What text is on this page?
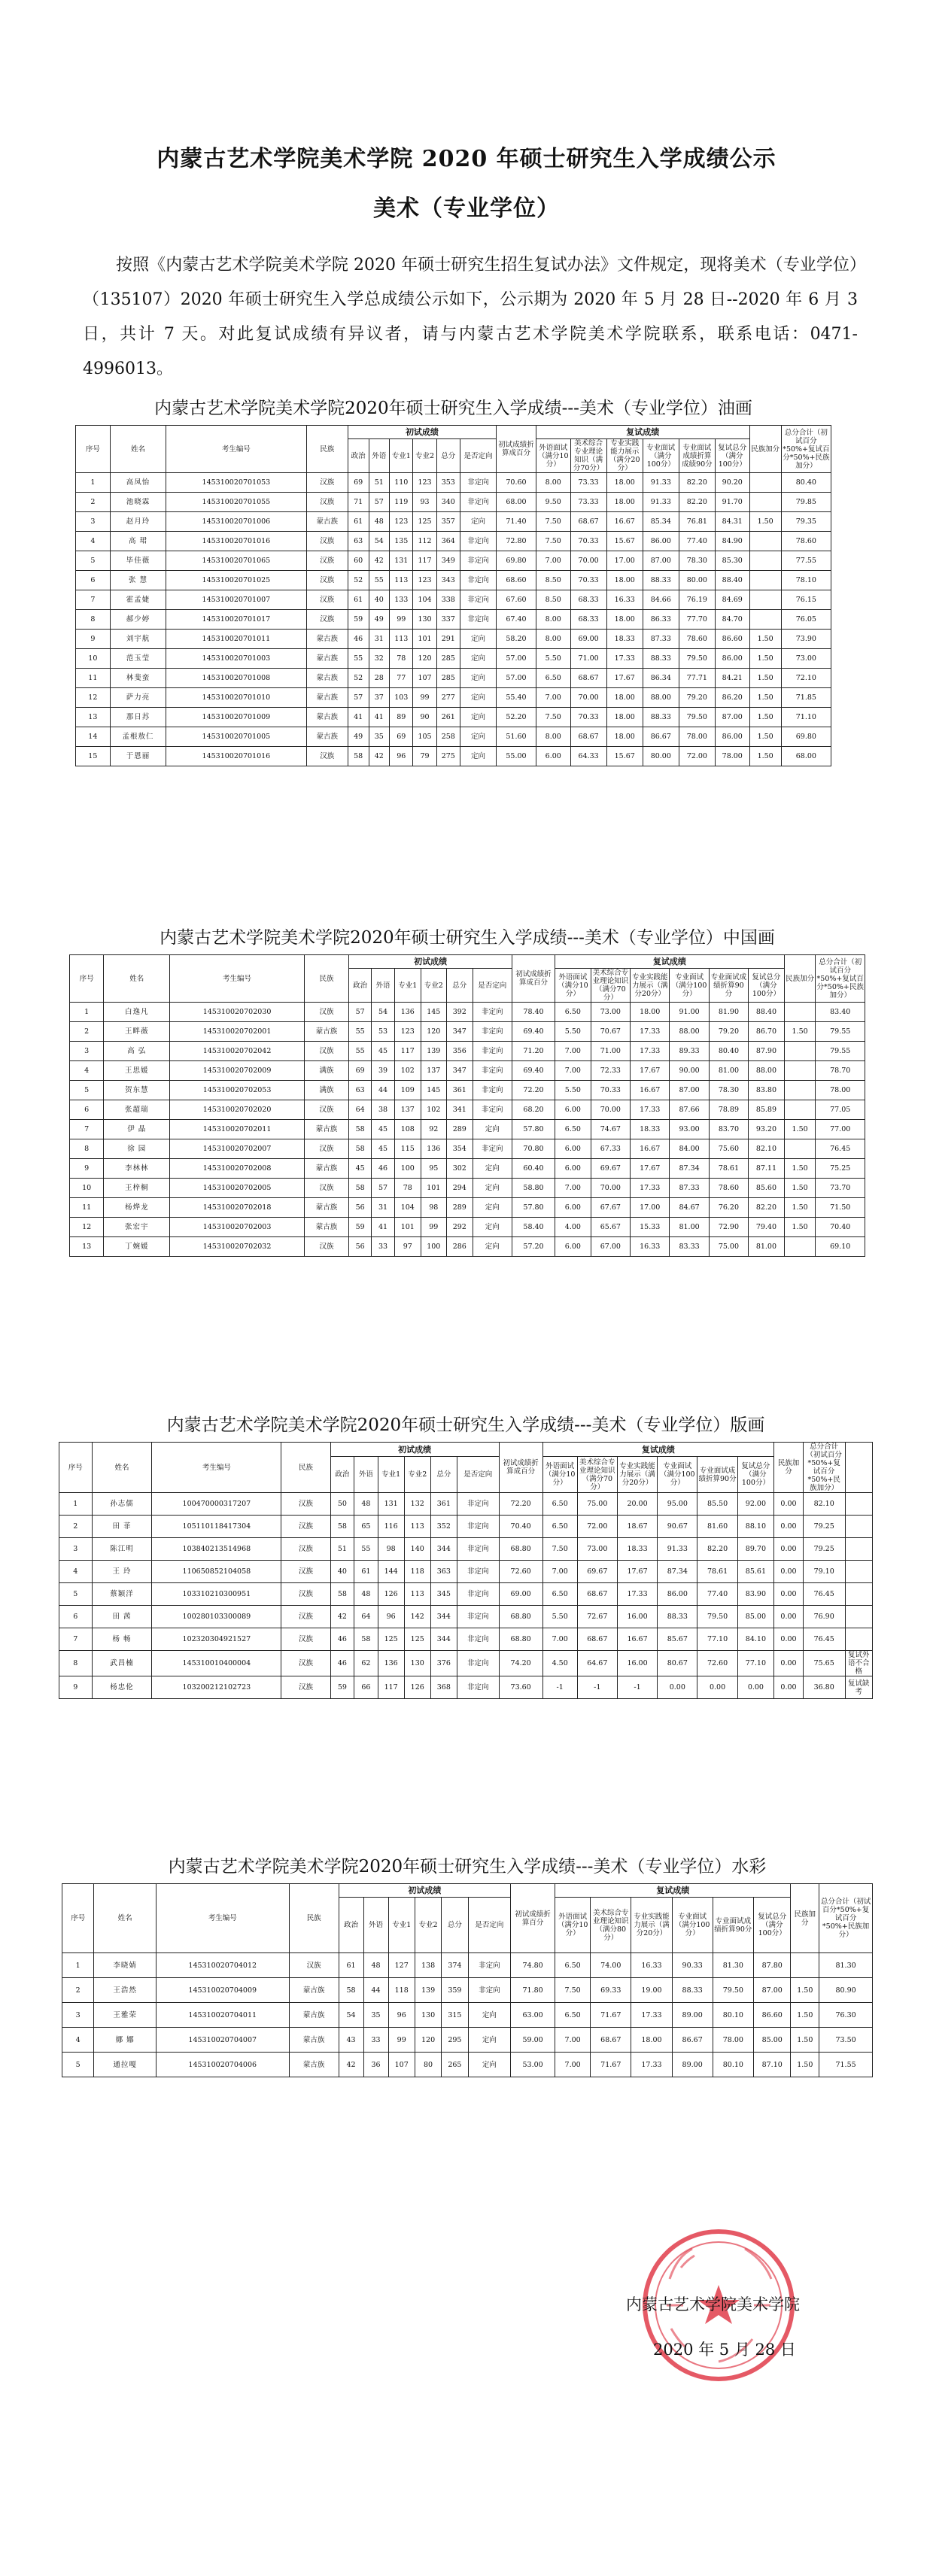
内蒙古艺术学院美术学院 2020 年硕士研究生入学成绩公示
美术（专业学位）
按照《内蒙古艺术学院美术学院 2020 年硕士研究生招生复试办法》文件规定，现将美术（专业学位）（135107）2020 年硕士研究生入学总成绩公示如下，公示期为 2020 年 5 月 28 日--2020 年 6 月 3 日，共计 7 天。对此复试成绩有异议者，请与内蒙古艺术学院美术学院联系，联系电话：0471-4996013。
内蒙古艺术学院美术学院2020年硕士研究生入学成绩---美术（专业学位）油画
序号	姓名	考生编号	民族	初试成绩						初试成绩折算成百分	复试成绩						民族加分	总分合计（初试百分*50%+复试百分*50%+民族加分）
				政治	外语	专业1	专业2	总分	是否定向		外语面试（满分10分）	美术综合专业理论知识（满分70分）	专业实践能力展示（满分20分）	专业面试（满分100分）	专业面试成绩折算成绩90分	复试总分（满分100分）		
1	高凤怡	145310020701053	汉族	69	51	110	123	353	非定向	70.60	8.00	73.33	18.00	91.33	82.20	90.20		80.40
2	池晓霖	145310020701055	汉族	71	57	119	93	340	非定向	68.00	9.50	73.33	18.00	91.33	82.20	91.70		79.85
3	赵月玲	145310020701006	蒙古族	61	48	123	125	357	定向	71.40	7.50	68.67	16.67	85.34	76.81	84.31	1.50	79.35
4	高 珺	145310020701016	汉族	63	54	135	112	364	非定向	72.80	7.50	70.33	15.67	86.00	77.40	84.90		78.60
5	毕佳薇	145310020701065	汉族	60	42	131	117	349	非定向	69.80	7.00	70.00	17.00	87.00	78.30	85.30		77.55
6	张 慧	145310020701025	汉族	52	55	113	123	343	非定向	68.60	8.50	70.33	18.00	88.33	80.00	88.40		78.10
7	霍孟婕	145310020701007	汉族	61	40	133	104	338	非定向	67.60	8.50	68.33	16.33	84.66	76.19	84.69		76.15
8	郝少婷	145310020701017	汉族	59	49	99	130	337	非定向	67.40	8.00	68.33	18.00	86.33	77.70	84.70		76.05
9	刘宇航	145310020701011	蒙古族	46	31	113	101	291	定向	58.20	8.00	69.00	18.33	87.33	78.60	86.60	1.50	73.90
10	范玉莹	145310020701003	蒙古族	55	32	78	120	285	定向	57.00	5.50	71.00	17.33	88.33	79.50	86.00	1.50	73.00
11	林斐蛮	145310020701008	蒙古族	52	28	77	107	285	定向	57.00	6.50	68.67	17.67	86.34	77.71	84.21	1.50	72.10
12	萨力亮	145310020701010	蒙古族	57	37	103	99	277	定向	55.40	7.00	70.00	18.00	88.00	79.20	86.20	1.50	71.85
13	那日苏	145310020701009	蒙古族	41	41	89	90	261	定向	52.20	7.50	70.33	18.00	88.33	79.50	87.00	1.50	71.10
14	孟根敖仁	145310020701005	蒙古族	49	35	69	105	258	定向	51.60	8.00	68.67	18.00	86.67	78.00	86.00	1.50	69.80
15	于恩丽	145310020701016	汉族	58	42	96	79	275	定向	55.00	6.00	64.33	15.67	80.00	72.00	78.00	1.50	68.00
内蒙古艺术学院美术学院2020年硕士研究生入学成绩---美术（专业学位）中国画
序号	姓名	考生编号	民族	初试成绩						初试成绩折算成百分	复试成绩						民族加分	总分合计（初试百分*50%+复试百分*50%+民族加分）
				政治	外语	专业1	专业2	总分	是否定向		外语面试（满分10分）	美术综合专业理论知识（满分70分）	专业实践能力展示（满分20分）	专业面试（满分100分）	专业面试成绩折算90分	复试总分（满分100分）		
1	白逸凡	145310020702030	汉族	57	54	136	145	392	非定向	78.40	6.50	73.00	18.00	91.00	81.90	88.40		83.40
2	王畔薇	145310020702001	蒙古族	55	53	123	120	347	非定向	69.40	5.50	70.67	17.33	88.00	79.20	86.70	1.50	79.55
3	高 弘	145310020702042	汉族	55	45	117	139	356	非定向	71.20	7.00	71.00	17.33	89.33	80.40	87.90		79.55
4	王思媛	145310020702009	满族	69	39	102	137	347	非定向	69.40	7.00	72.33	17.67	90.00	81.00	88.00		78.70
5	贺东慧	145310020702053	满族	63	44	109	145	361	非定向	72.20	5.50	70.33	16.67	87.00	78.30	83.80		78.00
6	张超瑞	145310020702020	汉族	64	38	137	102	341	非定向	68.20	6.00	70.00	17.33	87.66	78.89	85.89		77.05
7	伊 晶	145310020702011	蒙古族	58	45	108	92	289	定向	57.80	6.50	74.67	18.33	93.00	83.70	93.20	1.50	77.00
8	徐 园	145310020702007	汉族	58	45	115	136	354	非定向	70.80	6.00	67.33	16.67	84.00	75.60	82.10		76.45
9	李林林	145310020702008	蒙古族	45	46	100	95	302	定向	60.40	6.00	69.67	17.67	87.34	78.61	87.11	1.50	75.25
10	王梓桐	145310020702005	汉族	58	57	78	101	294	定向	58.80	7.00	70.00	17.33	87.33	78.60	85.60	1.50	73.70
11	杨烨龙	145310020702018	蒙古族	56	31	104	98	289	定向	57.80	6.00	67.67	17.00	84.67	76.20	82.20	1.50	71.50
12	张宏宇	145310020702003	蒙古族	59	41	101	99	292	定向	58.40	4.00	65.67	15.33	81.00	72.90	79.40	1.50	70.40
13	丁婉媛	145310020702032	汉族	56	33	97	100	286	定向	57.20	6.00	67.00	16.33	83.33	75.00	81.00		69.10
内蒙古艺术学院美术学院2020年硕士研究生入学成绩---美术（专业学位）版画
序号	姓名	考生编号	民族	初试成绩						初试成绩折算成百分	复试成绩						民族加分	总分合计（初试百分*50%+复试百分*50%+民族加分）	
				政治	外语	专业1	专业2	总分	是否定向		外语面试（满分10分）	美术综合专业理论知识（满分70分）	专业实践能力展示（满分20分）	专业面试（满分100分）	专业面试成绩折算90分	复试总分（满分100分）			
1	孙志儒	100470000317207	汉族	50	48	131	132	361	非定向	72.20	6.50	75.00	20.00	95.00	85.50	92.00	0.00	82.10	
2	田 菲	105110118417304	汉族	58	65	116	113	352	非定向	70.40	6.50	72.00	18.67	90.67	81.60	88.10	0.00	79.25	
3	陈江明	103840213514968	汉族	51	55	98	140	344	非定向	68.80	7.50	73.00	18.33	91.33	82.20	89.70	0.00	79.25	
4	王 玲	110650852104058	汉族	40	61	144	118	363	非定向	72.60	7.00	69.67	17.67	87.34	78.61	85.61	0.00	79.10	
5	蔡颖洋	103310210300951	汉族	58	48	126	113	345	非定向	69.00	6.50	68.67	17.33	86.00	77.40	83.90	0.00	76.45	
6	田 茜	100280103300089	汉族	42	64	96	142	344	非定向	68.80	5.50	72.67	16.00	88.33	79.50	85.00	0.00	76.90	
7	杨 畅	102320304921527	汉族	46	58	125	125	344	非定向	68.80	7.00	68.67	16.67	85.67	77.10	84.10	0.00	76.45	
8	武昌楠	145310010400004	汉族	46	62	136	130	376	非定向	74.20	4.50	64.67	16.00	80.67	72.60	77.10	0.00	75.65	复试外语不合格
9	杨忠伦	103200212102723	汉族	59	66	117	126	368	非定向	73.60	-1	-1	-1	0.00	0.00	0.00	0.00	36.80	复试缺考
内蒙古艺术学院美术学院2020年硕士研究生入学成绩---美术（专业学位）水彩
序号	姓名	考生编号	民族	初试成绩						初试成绩折算百分	复试成绩						民族加分	总分合计（初试百分*50%+复试百分*50%+民族加分）
				政治	外语	专业1	专业2	总分	是否定向		外语面试（满分10分）	美术综合专业理论知识（满分80分）	专业实践能力展示（满分20分）	专业面试（满分100分）	专业面试成绩折算90分	复试总分（满分100分）		
1	李晓婧	145310020704012	汉族	61	48	127	138	374	非定向	74.80	6.50	74.00	16.33	90.33	81.30	87.80		81.30
2	王浩然	145310020704009	蒙古族	58	44	118	139	359	非定向	71.80	7.50	69.33	19.00	88.33	79.50	87.00	1.50	80.90
3	王雅荣	145310020704011	蒙古族	54	35	96	130	315	定向	63.00	6.50	71.67	17.33	89.00	80.10	86.60	1.50	76.30
4	娜 娜	145310020704007	蒙古族	43	33	99	120	295	定向	59.00	7.00	68.67	18.00	86.67	78.00	85.00	1.50	73.50
5	通拉嘎	145310020704006	蒙古族	42	36	107	80	265	定向	53.00	7.00	71.67	17.33	89.00	80.10	87.10	1.50	71.55
内蒙古艺术学院美术学院
2020 年 5 月 28 日
